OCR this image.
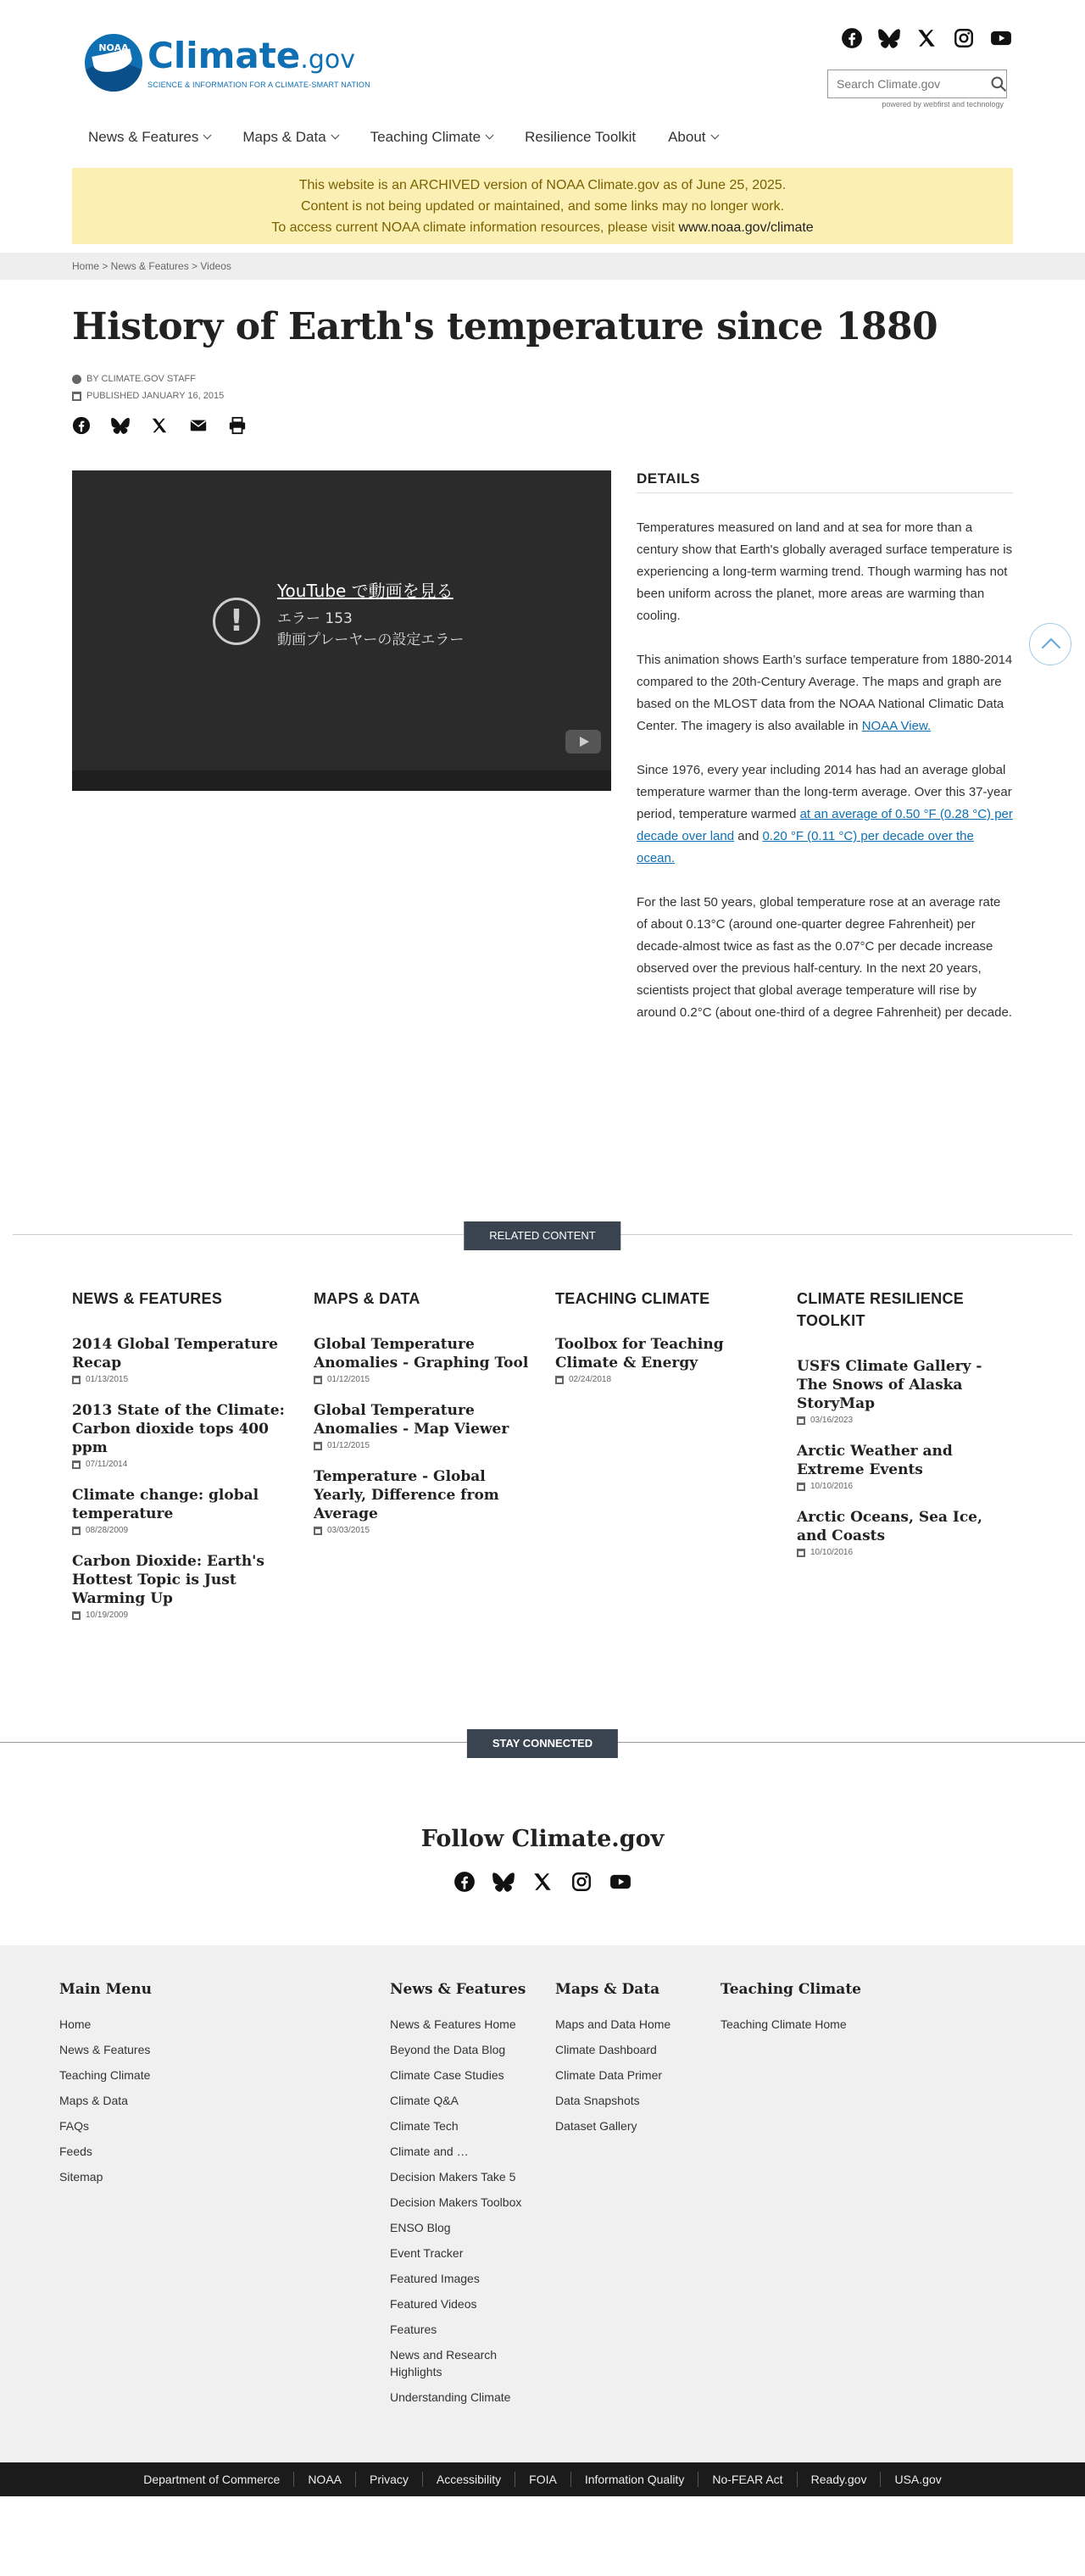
NOAA Climate.gov
SCIENCE & INFORMATION FOR A CLIMATE-SMART NATION
Search Climate.gov
powered by webfirst and technology
News & Features	Maps & Data	Teaching Climate	Resilience Toolkit About
This website is an ARCHIVED version of NOAA Climate.gov as of June 25, 2025.
Content is not being updated or maintained, and some links may no longer work.
To access current NOAA climate information resources, please visit www.noaa.gov/climate
Home > News & Features > Videos
History of Earth's temperature since 1880
BY CLIMATE.GOV STAFF
PUBLISHED JANUARY 16, 2015
!
YouTube で動画を見る
エラー 153
動画プレーヤーの設定エラー
DETAILS

Temperatures measured on land and at sea for more than a century show that Earth's globally averaged surface temperature is experiencing a long-term warming trend. Though warming has not been uniform across the planet, more areas are warming than cooling.

This animation shows Earth’s surface temperature from 1880-2014 compared to the 20th-Century Average. The maps and graph are based on the MLOST data from the NOAA National Climatic Data Center. The imagery is also available in NOAA View.

Since 1976, every year including 2014 has had an average global temperature warmer than the long-term average. Over this 37-year period, temperature warmed at an average of 0.50 °F (0.28 °C) per decade over land and 0.20 °F (0.11 °C) per decade over the ocean.

For the last 50 years, global temperature rose at an average rate of about 0.13°C (around one-quarter degree Fahrenheit) per decade-almost twice as fast as the 0.07°C per decade increase observed over the previous half-century. In the next 20 years, scientists project that global average temperature will rise by around 0.2°C (about one-third of a degree Fahrenheit) per decade.

RELATED CONTENT
NEWS & FEATURES
2014 Global Temperature Recap
01/13/2015
2013 State of the Climate: Carbon dioxide tops 400 ppm
07/11/2014
Climate change: global temperature
08/28/2009
Carbon Dioxide: Earth's Hottest Topic is Just Warming Up
10/19/2009
MAPS & DATA
Global Temperature Anomalies - Graphing Tool
01/12/2015
Global Temperature Anomalies - Map Viewer
01/12/2015
Temperature - Global Yearly, Difference from Average
03/03/2015
TEACHING CLIMATE
Toolbox for Teaching Climate & Energy
02/24/2018
CLIMATE RESILIENCE TOOLKIT
USFS Climate Gallery - The Snows of Alaska StoryMap
03/16/2023
Arctic Weather and Extreme Events
10/10/2016
Arctic Oceans, Sea Ice, and Coasts
10/10/2016
STAY CONNECTED
Follow Climate.gov
Main Menu
Home
News & Features
Teaching Climate
Maps & Data
FAQs
Feeds
Sitemap
News & Features
News & Features Home
Beyond the Data Blog
Climate Case Studies
Climate Q&A
Climate Tech
Climate and …
Decision Makers Take 5
Decision Makers Toolbox
ENSO Blog
Event Tracker
Featured Images
Featured Videos
Features
News and Research Highlights
Understanding Climate
Maps & Data
Maps and Data Home
Climate Dashboard
Climate Data Primer
Data Snapshots
Dataset Gallery
Teaching Climate
Teaching Climate Home
Department of Commerce	NOAA	Privacy	Accessibility	FOIA	Information Quality	No-FEAR Act	Ready.gov	USA.gov
